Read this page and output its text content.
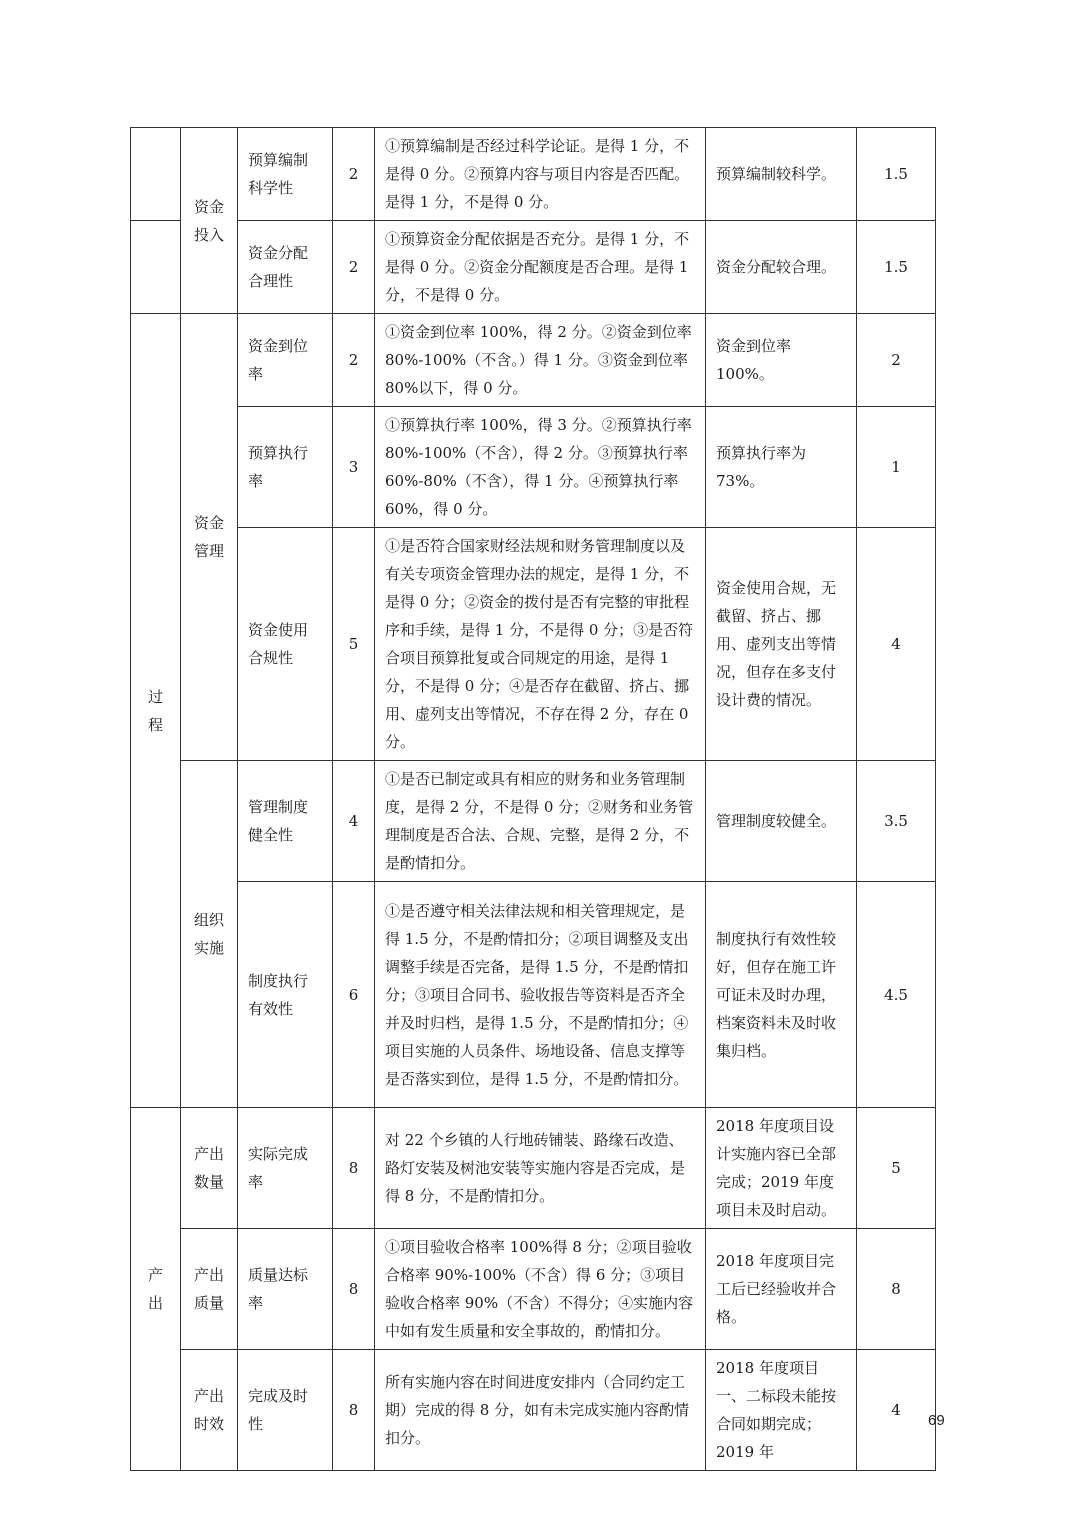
	资金投入	预算编制科学性	2	①预算编制是否经过科学论证。是得 1 分，不是得 0 分。②预算内容与项目内容是否匹配。是得 1 分，不是得 0 分。	预算编制较科学。	1.5
		资金分配合理性	2	①预算资金分配依据是否充分。是得 1 分，不是得 0 分。②资金分配额度是否合理。是得 1 分，不是得 0 分。	资金分配较合理。	1.5
过程	资金管理	资金到位率	2	①资金到位率 100%，得 2 分。②资金到位率 80%-100%（不含。）得 1 分。③资金到位率 80%以下，得 0 分。	资金到位率 100%。	2
		预算执行率	3	①预算执行率 100%，得 3 分。②预算执行率 80%-100%（不含），得 2 分。③预算执行率 60%-80%（不含），得 1 分。④预算执行率 60%，得 0 分。	预算执行率为 73%。	1
		资金使用合规性	5	①是否符合国家财经法规和财务管理制度以及有关专项资金管理办法的规定，是得 1 分，不是得 0 分；②资金的拨付是否有完整的审批程序和手续，是得 1 分，不是得 0 分；③是否符合项目预算批复或合同规定的用途，是得 1 分，不是得 0 分；④是否存在截留、挤占、挪用、虚列支出等情况，不存在得 2 分，存在 0 分。	资金使用合规，无截留、挤占、挪用、虚列支出等情况，但存在多支付设计费的情况。	4
	组织实施	管理制度健全性	4	①是否已制定或具有相应的财务和业务管理制度，是得 2 分，不是得 0 分；②财务和业务管理制度是否合法、合规、完整，是得 2 分，不是酌情扣分。	管理制度较健全。	3.5
		制度执行有效性	6	①是否遵守相关法律法规和相关管理规定，是得 1.5 分，不是酌情扣分；②项目调整及支出调整手续是否完备，是得 1.5 分，不是酌情扣分；③项目合同书、验收报告等资料是否齐全并及时归档，是得 1.5 分，不是酌情扣分；④项目实施的人员条件、场地设备、信息支撑等是否落实到位，是得 1.5 分，不是酌情扣分。	制度执行有效性较好，但存在施工许可证未及时办理，档案资料未及时收集归档。	4.5
产出	产出数量	实际完成率	8	对 22 个乡镇的人行地砖铺装、路缘石改造、路灯安装及树池安装等实施内容是否完成，是得 8 分，不是酌情扣分。	2018 年度项目设计实施内容已全部完成；2019 年度项目未及时启动。	5
	产出质量	质量达标率	8	①项目验收合格率 100%得 8 分；②项目验收合格率 90%-100%（不含）得 6 分；③项目验收合格率 90%（不含）不得分；④实施内容中如有发生质量和安全事故的，酌情扣分。	2018 年度项目完工后已经验收并合格。	8
	产出时效	完成及时性	8	所有实施内容在时间进度安排内（合同约定工期）完成的得 8 分，如有未完成实施内容酌情扣分。	2018 年度项目一、二标段未能按合同如期完成；2019 年	4
69
